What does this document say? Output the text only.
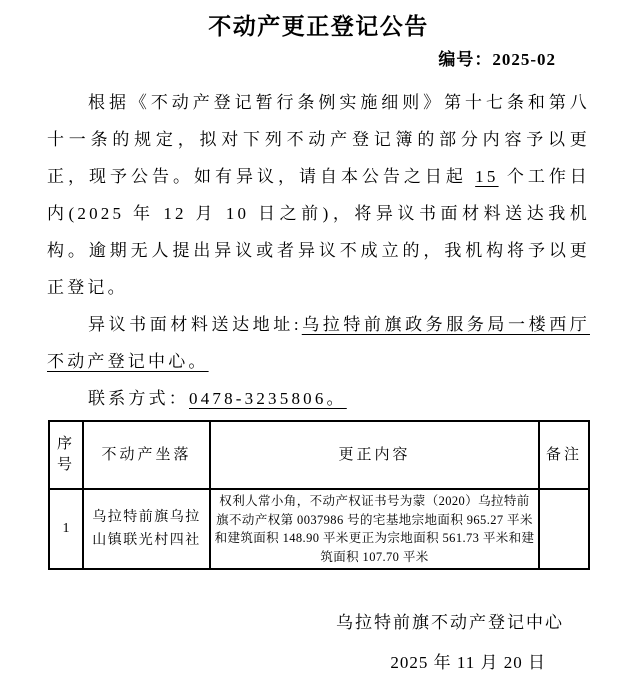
不动产更正登记公告
编号：2025-02

根据《不动产登记暂行条例实施细则》第十七条和第八十一条的规定，拟对下列不动产登记簿的部分内容予以更正，现予公告。如有异议，请自本公告之日起 15 个工作日内(2025 年 12 月 10 日之前)，将异议书面材料送达我机构。逾期无人提出异议或者异议不成立的，我机构将予以更正登记。

异议书面材料送达地址:乌拉特前旗政务服务局一楼西厅不动产登记中心。

联系方式：0478-3235806。

序号	不动产坐落	更正内容	备注
1	乌拉特前旗乌拉山镇联光村四社	权利人常小角，不动产权证书号为蒙（2020）乌拉特前旗不动产权第 0037986 号的宅基地宗地面积 965.27 平米和建筑面积 148.90 平米更正为宗地面积 561.73 平米和建筑面积 107.70 平米	
乌拉特前旗不动产登记中心
2025 年 11 月 20 日
